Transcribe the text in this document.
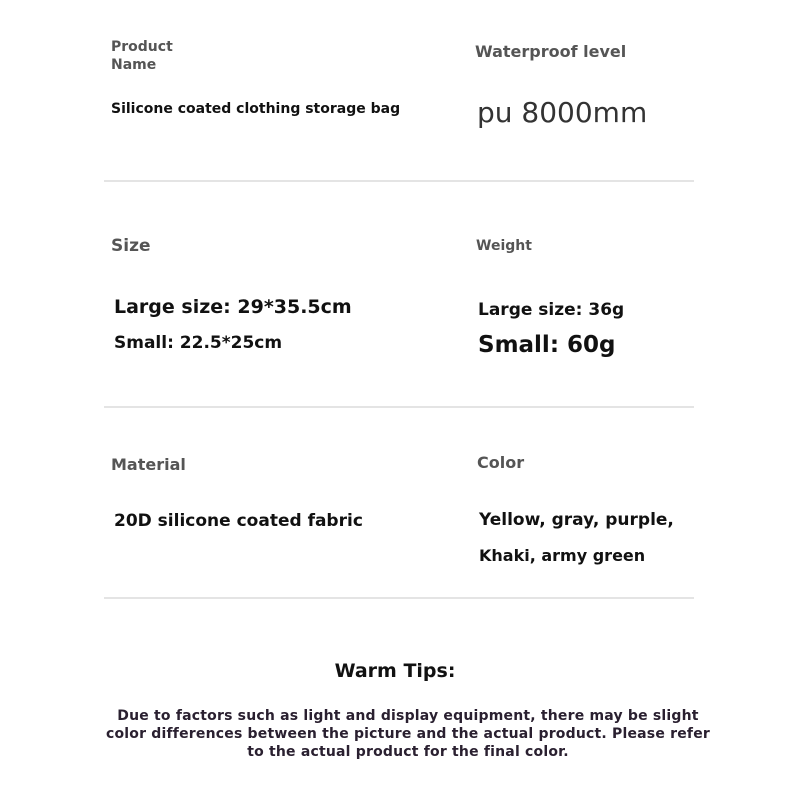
Product
Name
Silicone coated clothing storage bag
Waterproof level
pu 8000mm
Size
Large size: 29*35.5cm
Small: 22.5*25cm
Weight
Large size: 36g
Small: 60g
Material
20D silicone coated fabric
Color
Yellow, gray, purple,
Khaki, army green
Warm Tips:
Due to factors such as light and display equipment, there may be slight color differences between the picture and the actual product. Please refer to the actual product for the final color.
